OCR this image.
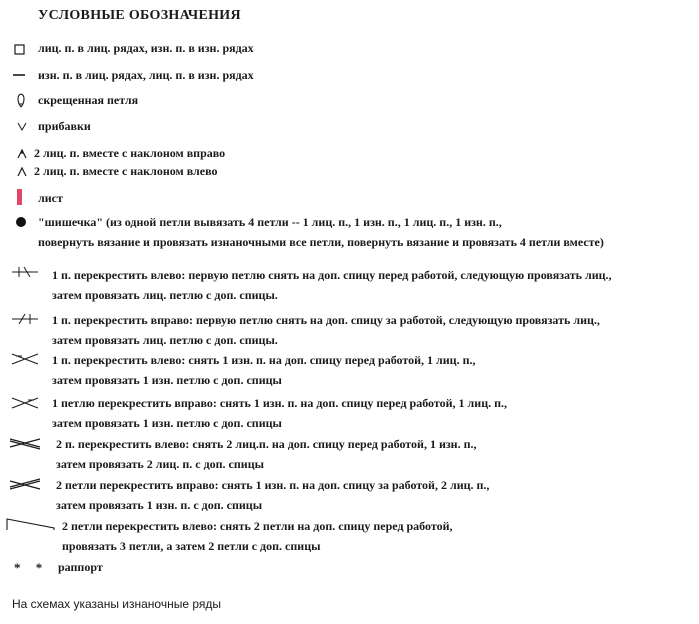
УСЛОВНЫЕ ОБОЗНАЧЕНИЯ
лиц. п. в лиц. рядах, изн. п. в изн. рядах
изн. п. в лиц. рядах, лиц. п. в изн. рядах
скрещенная петля
прибавки
2 лиц. п. вместе с наклоном вправо
2 лиц. п. вместе с наклоном влево
лист
"шишечка" (из одной петли вывязать 4 петли -- 1 лиц. п., 1 изн. п., 1 лиц. п., 1 изн. п.,
повернуть вязание и провязать изнаночными все петли, повернуть вязание и провязать 4 петли вместе)
1 п. перекрестить влево: первую петлю снять на доп. спицу перед работой, следующую провязать лиц.,
затем провязать лиц. петлю с доп. спицы.
1 п. перекрестить вправо: первую петлю снять на доп. спицу за работой, следующую провязать лиц.,
затем провязать лиц. петлю с доп. спицы.
1 п. перекрестить влево: снять 1 изн. п. на доп. спицу перед работой, 1 лиц. п.,
затем провязать 1 изн. петлю с доп. спицы
1 петлю перекрестить вправо: снять 1 изн. п. на доп. спицу перед работой, 1 лиц. п.,
затем провязать 1 изн. петлю с доп. спицы
2 п. перекрестить влево: снять 2 лиц.п. на доп. спицу перед работой, 1 изн. п.,
затем провязать 2 лиц. п. с доп. спицы
2 петли перекрестить вправо: снять 1 изн. п. на доп. спицу за работой, 2 лиц. п.,
затем провязать 1 изн. п. с доп. спицы
2 петли перекрестить влево: снять 2 петли на доп. спицу перед работой,
провязать 3 петли, а затем 2 петли с доп. спицы
* * раппорт
На схемах указаны изнаночные ряды
